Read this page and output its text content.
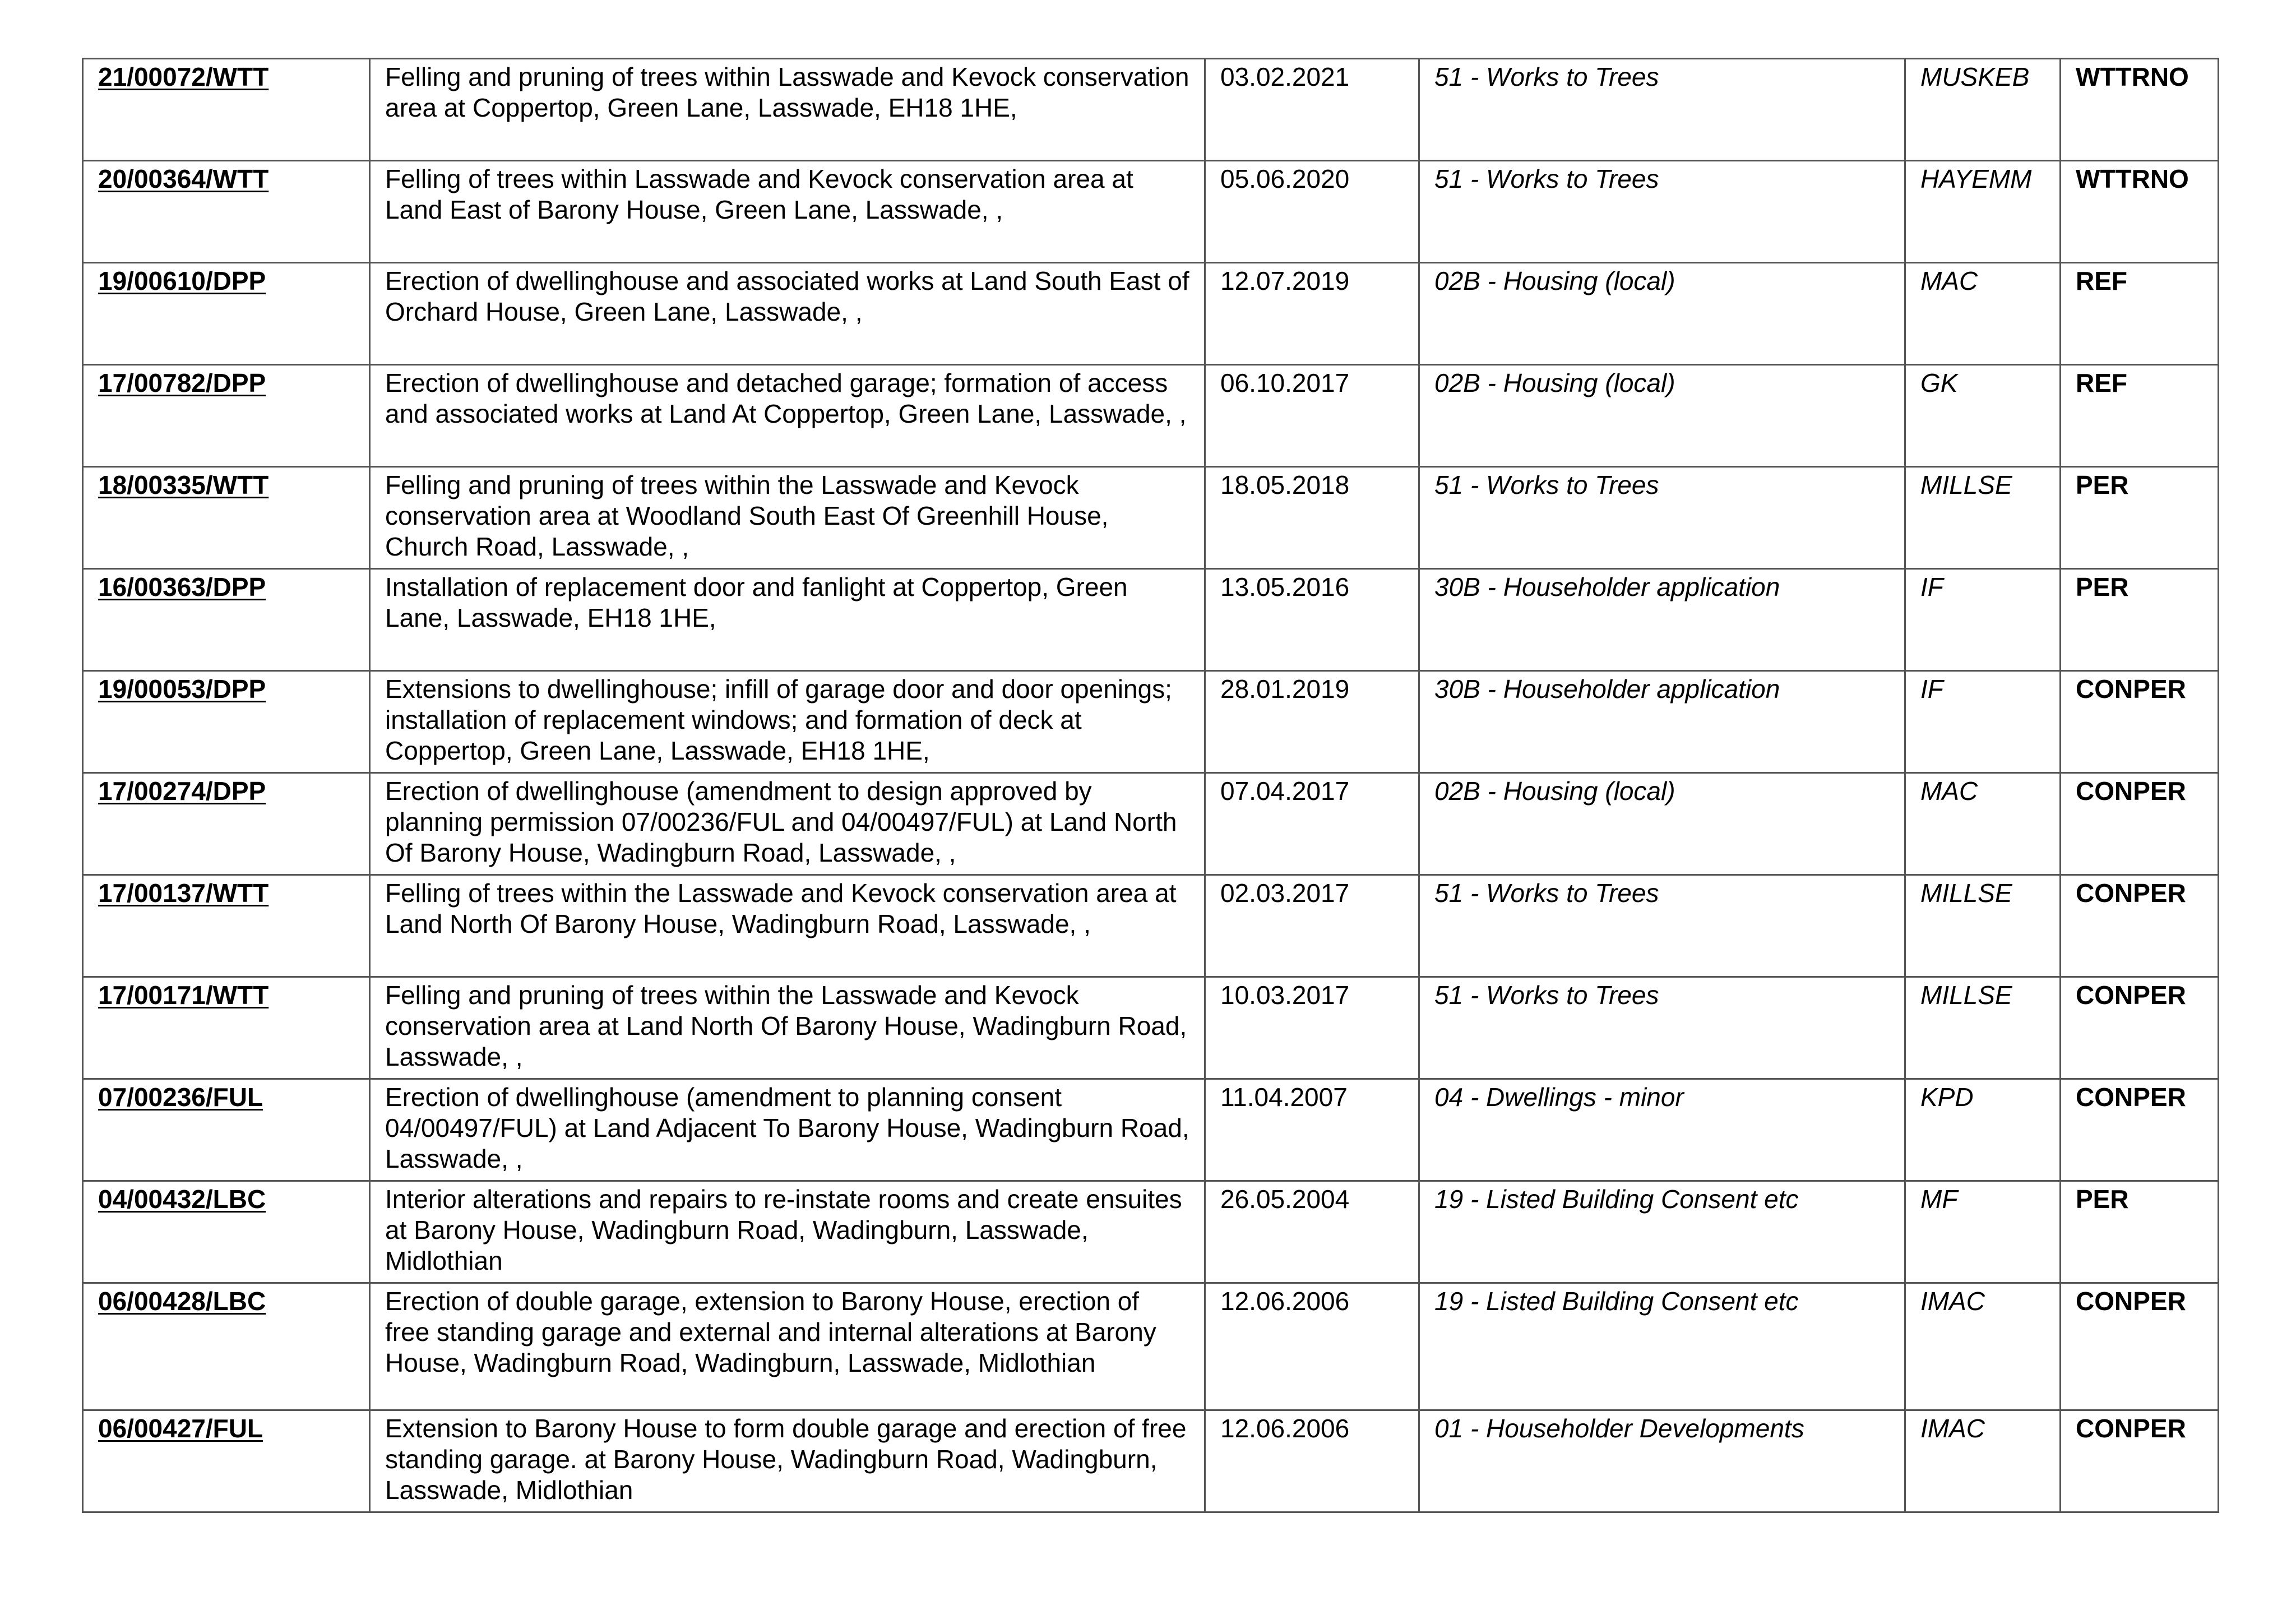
21/00072/WTT	Felling and pruning of trees within Lasswade and Kevock conservation area at Coppertop, Green Lane, Lasswade, EH18 1HE,	03.02.2021	51 - Works to Trees	MUSKEB	WTTRNO
20/00364/WTT	Felling of trees within Lasswade and Kevock conservation area at Land East of Barony House, Green Lane, Lasswade, ,	05.06.2020	51 - Works to Trees	HAYEMM	WTTRNO
19/00610/DPP	Erection of dwellinghouse and associated works at Land South East of Orchard House, Green Lane, Lasswade, ,	12.07.2019	02B - Housing (local)	MAC	REF
17/00782/DPP	Erection of dwellinghouse and detached garage; formation of access and associated works at Land At Coppertop, Green Lane, Lasswade, ,	06.10.2017	02B - Housing (local)	GK	REF
18/00335/WTT	Felling and pruning of trees within the Lasswade and Kevock conservation area at Woodland South East Of Greenhill House, Church Road, Lasswade, ,	18.05.2018	51 - Works to Trees	MILLSE	PER
16/00363/DPP	Installation of replacement door and fanlight at Coppertop, Green Lane, Lasswade, EH18 1HE,	13.05.2016	30B - Householder application	IF	PER
19/00053/DPP	Extensions to dwellinghouse; infill of garage door and door openings; installation of replacement windows; and formation of deck at Coppertop, Green Lane, Lasswade, EH18 1HE,	28.01.2019	30B - Householder application	IF	CONPER
17/00274/DPP	Erection of dwellinghouse (amendment to design approved by planning permission 07/00236/FUL and 04/00497/FUL) at Land North Of Barony House, Wadingburn Road, Lasswade, ,	07.04.2017	02B - Housing (local)	MAC	CONPER
17/00137/WTT	Felling of trees within the Lasswade and Kevock conservation area at Land North Of Barony House, Wadingburn Road, Lasswade, ,	02.03.2017	51 - Works to Trees	MILLSE	CONPER
17/00171/WTT	Felling and pruning of trees within the Lasswade and Kevock conservation area at Land North Of Barony House, Wadingburn Road, Lasswade, ,	10.03.2017	51 - Works to Trees	MILLSE	CONPER
07/00236/FUL	Erection of dwellinghouse (amendment to planning consent 04/00497/FUL) at Land Adjacent To Barony House, Wadingburn Road, Lasswade, ,	11.04.2007	04 - Dwellings - minor	KPD	CONPER
04/00432/LBC	Interior alterations and repairs to re-instate rooms and create ensuites at Barony House, Wadingburn Road, Wadingburn, Lasswade, Midlothian	26.05.2004	19 - Listed Building Consent etc	MF	PER
06/00428/LBC	Erection of double garage, extension to Barony House, erection of free standing garage and external and internal alterations at Barony House, Wadingburn Road, Wadingburn, Lasswade, Midlothian	12.06.2006	19 - Listed Building Consent etc	IMAC	CONPER
06/00427/FUL	Extension to Barony House to form double garage and erection of free standing garage. at Barony House, Wadingburn Road, Wadingburn, Lasswade, Midlothian	12.06.2006	01 - Householder Developments	IMAC	CONPER
